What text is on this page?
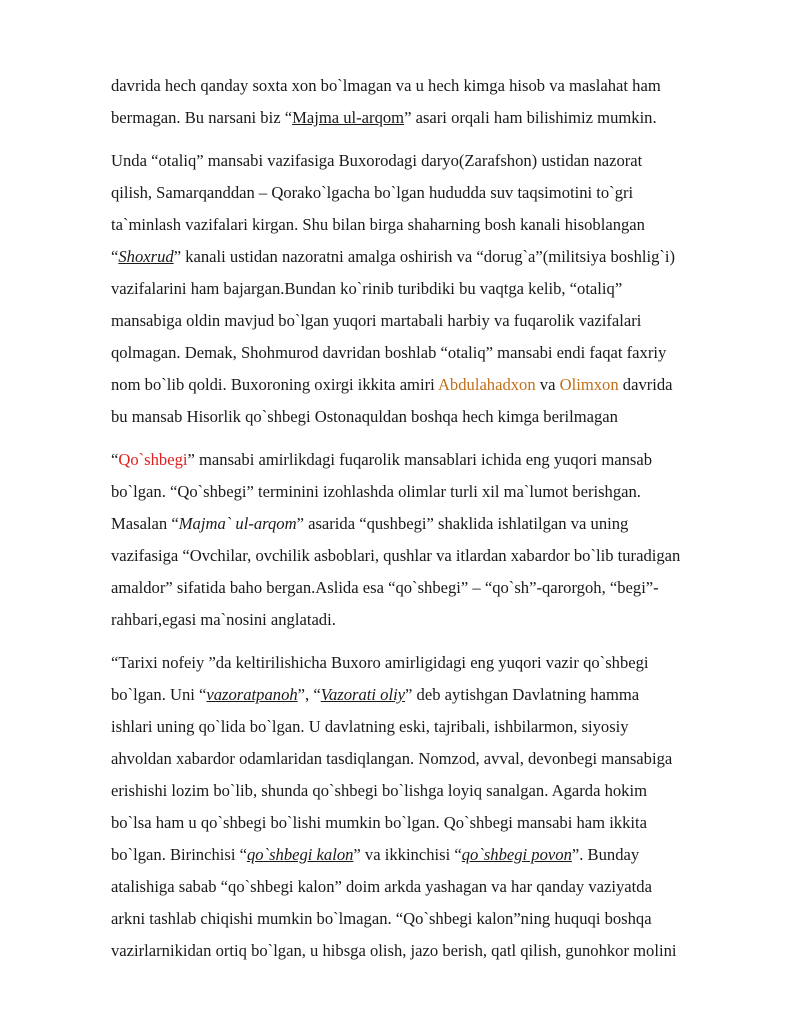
davrida hech qanday soxta xon bo`lmagan va u hech kimga hisob va maslahat ham
bermagan. Bu narsani biz “Majma ul-arqom” asari orqali ham bilishimiz mumkin.
Unda “otaliq” mansabi vazifasiga Buxorodagi daryo(Zarafshon) ustidan nazorat
qilish, Samarqanddan – Qorako`lgacha bo`lgan hududda suv taqsimotini to`gri
ta`minlash vazifalari kirgan. Shu bilan birga shaharning bosh kanali hisoblangan
“Shoxrud” kanali ustidan nazoratni amalga oshirish va “dorug`a”(militsiya boshlig`i)
vazifalarini ham bajargan.Bundan ko`rinib turibdiki bu vaqtga kelib, “otaliq”
mansabiga oldin mavjud bo`lgan yuqori martabali harbiy va fuqarolik vazifalari
qolmagan. Demak, Shohmurod davridan boshlab “otaliq” mansabi endi faqat faxriy
nom bo`lib qoldi. Buxoroning oxirgi ikkita amiri Abdulahadxon va Olimxon davrida
bu mansab Hisorlik qo`shbegi Ostonaquldan boshqa hech kimga berilmagan
“Qo`shbegi” mansabi amirlikdagi fuqarolik mansablari ichida eng yuqori mansab
bo`lgan. “Qo`shbegi” terminini izohlashda olimlar turli xil ma`lumot berishgan.
Masalan “Majma` ul-arqom” asarida “qushbegi” shaklida ishlatilgan va uning
vazifasiga “Ovchilar, ovchilik asboblari, qushlar va itlardan xabardor bo`lib turadigan
amaldor” sifatida baho bergan.Aslida esa “qo`shbegi” – “qo`sh”-qarorgoh, “begi”-
rahbari,egasi ma`nosini anglatadi.
“Tarixi nofeiy ”da keltirilishicha Buxoro amirligidagi eng yuqori vazir qo`shbegi
bo`lgan. Uni “vazoratpanoh”, “Vazorati oliy” deb aytishgan Davlatning hamma
ishlari uning qo`lida bo`lgan. U davlatning eski, tajribali, ishbilarmon, siyosiy
ahvoldan xabardor odamlaridan tasdiqlangan. Nomzod, avval, devonbegi mansabiga
erishishi lozim bo`lib, shunda qo`shbegi bo`lishga loyiq sanalgan. Agarda hokim
bo`lsa ham u qo`shbegi bo`lishi mumkin bo`lgan. Qo`shbegi mansabi ham ikkita
bo`lgan. Birinchisi “qo`shbegi kalon” va ikkinchisi “qo`shbegi povon”. Bunday
atalishiga sabab “qo`shbegi kalon” doim arkda yashagan va har qanday vaziyatda
arkni tashlab chiqishi mumkin bo`lmagan. “Qo`shbegi kalon”ning huquqi boshqa
vazirlarnikidan ortiq bo`lgan, u hibsga olish, jazo berish, qatl qilish, gunohkor molini
